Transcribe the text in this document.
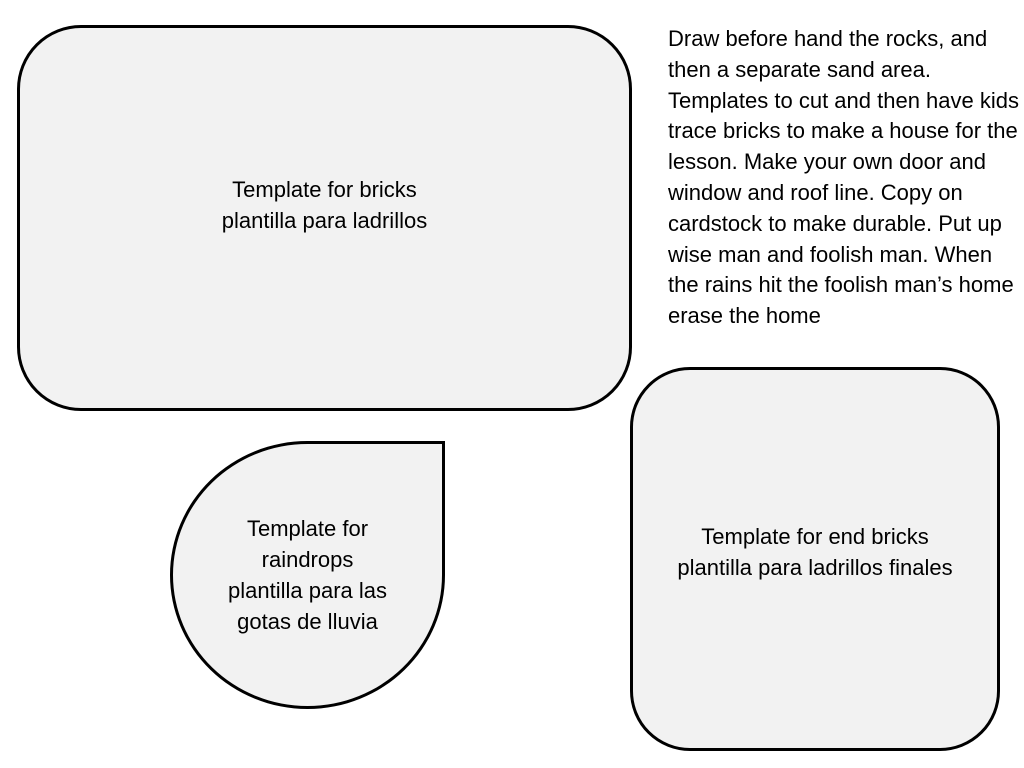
Template for bricks
plantilla para ladrillos

Draw before hand the rocks, and then a separate sand area. Templates to cut and then have kids trace bricks to make a house for the lesson. Make your own door and window and roof line. Copy on cardstock to make durable. Put up wise man and foolish man. When the rains hit the foolish man’s home erase the home

Template for
raindrops
plantilla para las
gotas de lluvia
Template for end bricks
plantilla para ladrillos finales
